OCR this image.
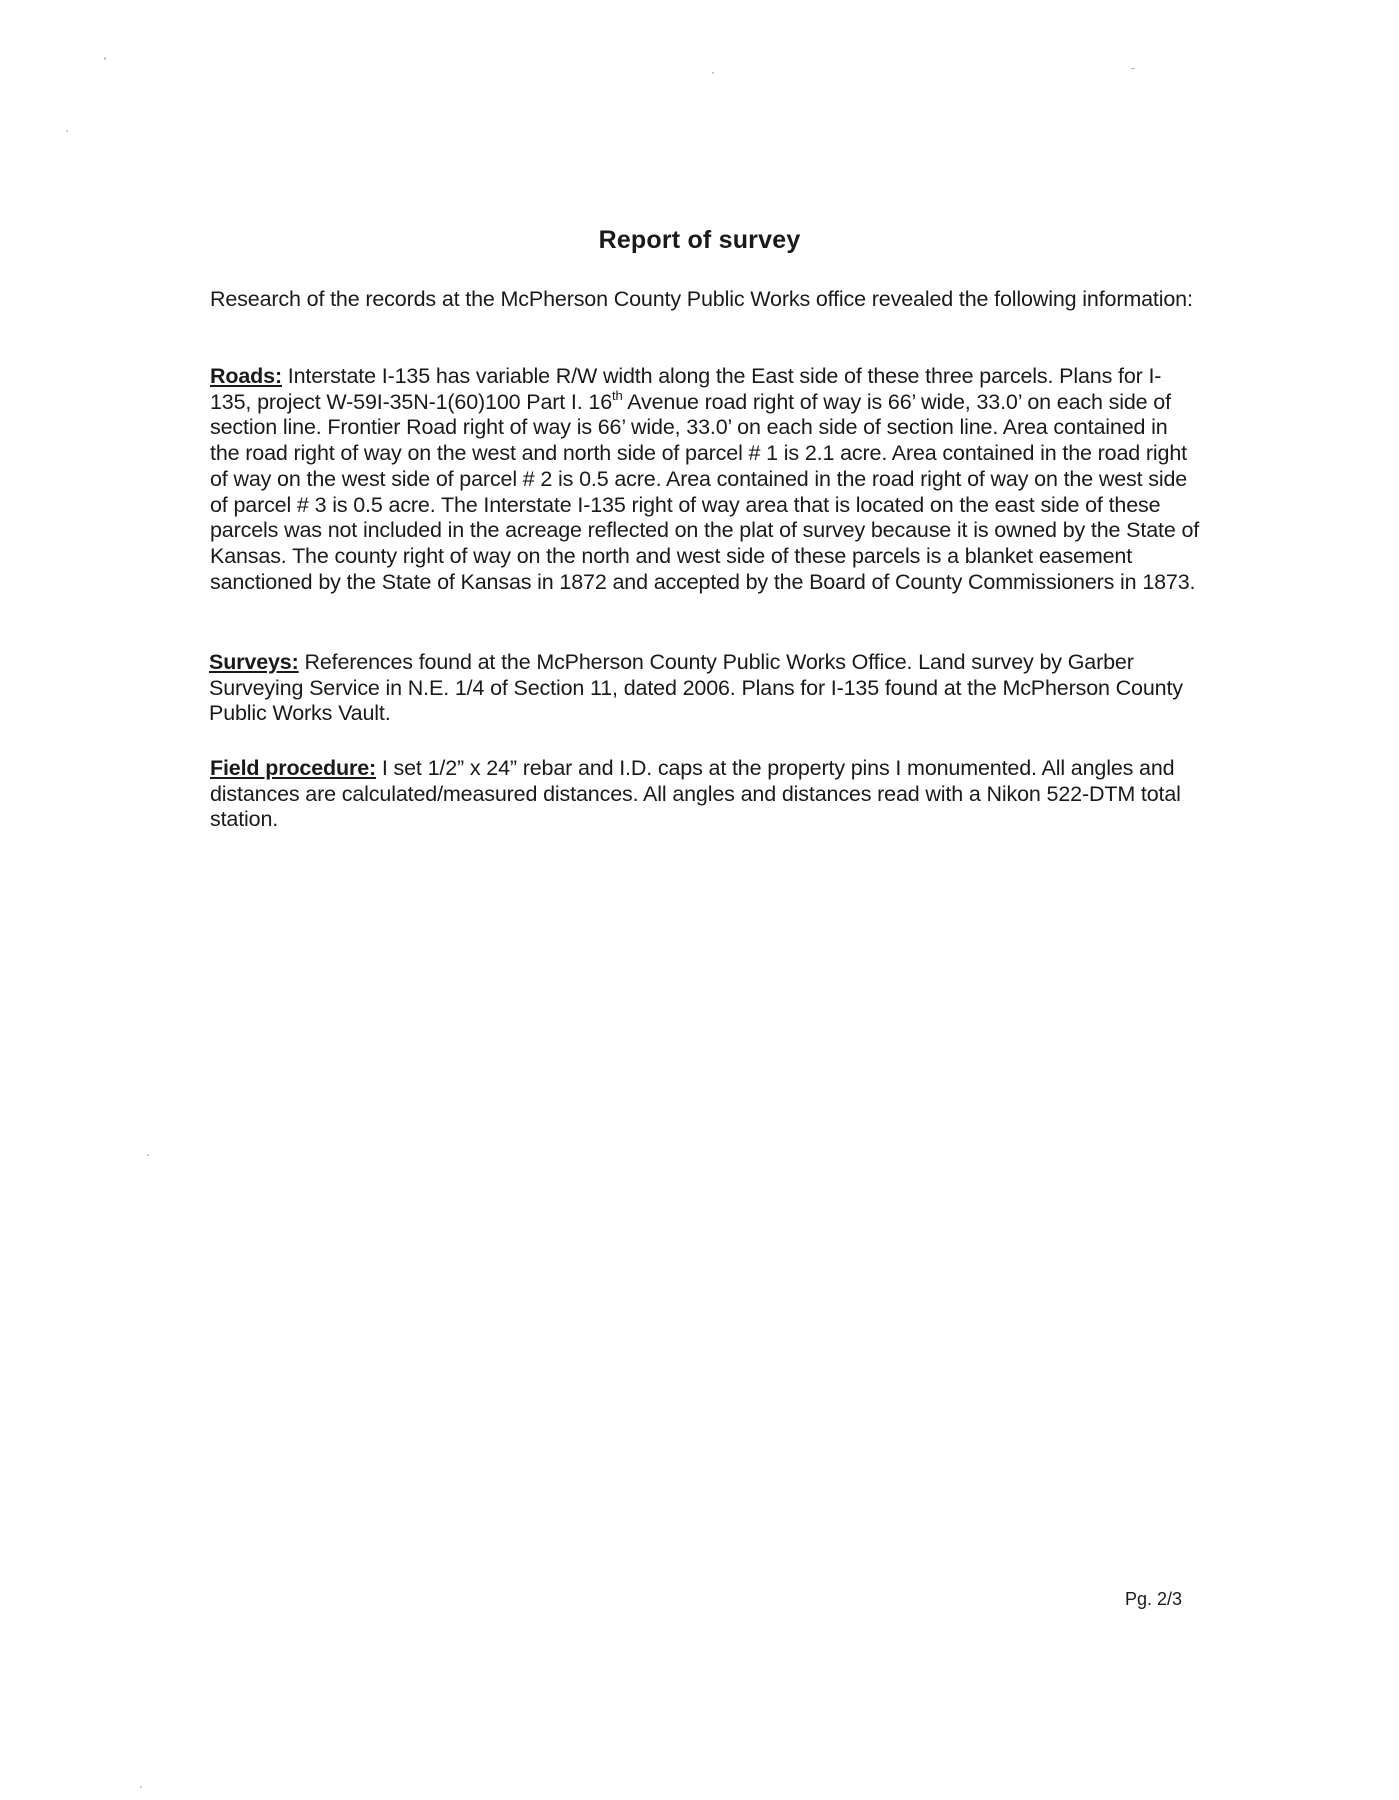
Report of survey
Research of the records at the McPherson County Public Works office revealed the following information:
Roads: Interstate I-135 has variable R/W width along the East side of these three parcels. Plans for I-135, project W-59I-35N-1(60)100 Part I. 16th Avenue road right of way is 66’ wide, 33.0’ on each side of section line. Frontier Road right of way is 66’ wide, 33.0’ on each side of section line. Area contained in the road right of way on the west and north side of parcel # 1 is 2.1 acre. Area contained in the road right of way on the west side of parcel # 2 is 0.5 acre. Area contained in the road right of way on the west side of parcel # 3 is 0.5 acre. The Interstate I-135 right of way area that is located on the east side of these parcels was not included in the acreage reflected on the plat of survey because it is owned by the State of Kansas. The county right of way on the north and west side of these parcels is a blanket easement sanctioned by the State of Kansas in 1872 and accepted by the Board of County Commissioners in 1873.
Surveys: References found at the McPherson County Public Works Office. Land survey by Garber Surveying Service in N.E. 1/4 of Section 11, dated 2006. Plans for I-135 found at the McPherson County Public Works Vault.
Field procedure: I set 1/2” x 24” rebar and I.D. caps at the property pins I monumented. All angles and distances are calculated/measured distances. All angles and distances read with a Nikon 522-DTM total station.
Pg. 2/3
